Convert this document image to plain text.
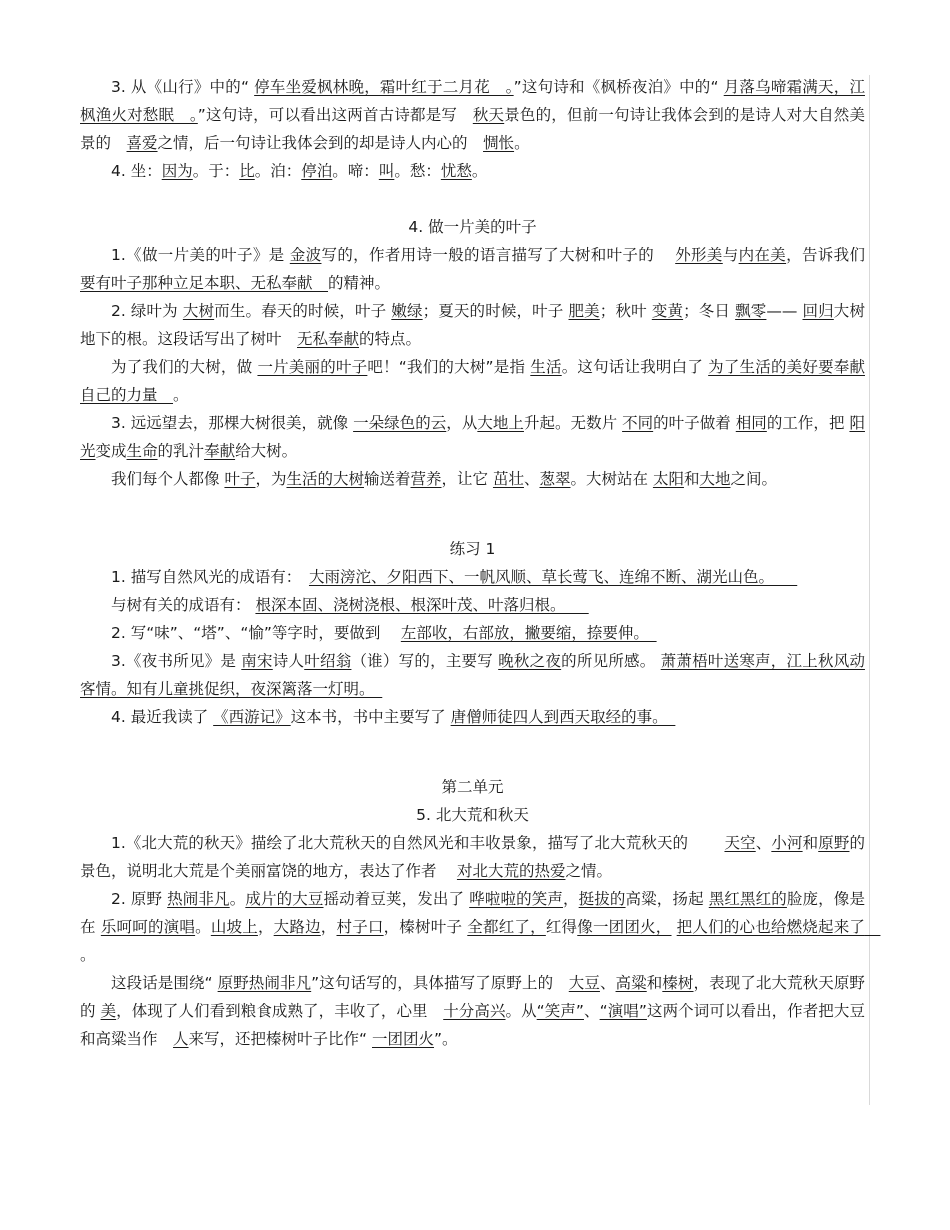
3. 从《山行》中的“ 停车坐爱枫林晚，霜叶红于二月花　。”这句诗和《枫桥夜泊》中的“ 月落乌啼霜满天，江枫渔火对愁眠　。”这句诗，可以看出这两首古诗都是写　秋天景色的，但前一句诗让我体会到的是诗人对大自然美景的　喜爱之情，后一句诗让我体会到的却是诗人内心的　惆怅。

4. 坐：因为。于：比。泊：停泊。啼：叫。愁：忧愁。

4. 做一片美的叶子

1.《做一片美的叶子》是 金波写的，作者用诗一般的语言描写了大树和叶子的　 外形美与内在美，告诉我们 要有叶子那种立足本职、无私奉献　的精神。

2. 绿叶为 大树而生。春天的时候，叶子 嫩绿；夏天的时候，叶子 肥美；秋叶 变黄；冬日 飘零—— 回归大树地下的根。这段话写出了树叶　无私奉献的特点。

为了我们的大树，做 一片美丽的叶子吧！“我们的大树”是指 生活。这句话让我明白了 为了生活的美好要奉献自己的力量　。

3. 远远望去，那棵大树很美，就像 一朵绿色的云，从大地上升起。无数片 不同的叶子做着 相同的工作，把 阳光变成生命的乳汁奉献给大树。

我们每个人都像 叶子，为生活的大树输送着营养，让它 茁壮、葱翠。大树站在 太阳和大地之间。

练习 1

1. 描写自然风光的成语有：　大雨滂沱、夕阳西下、一帆风顺、草长莺飞、连绵不断、湖光山色。　　

与树有关的成语有： 根深本固、浇树浇根、根深叶茂、叶落归根。　　

2. 写“味”、“塔”、“愉”等字时，要做到　 左部收，右部放，撇要缩，捺要伸。　

3.《夜书所见》是 南宋诗人叶绍翁（谁）写的，主要写 晚秋之夜的所见所感。 萧萧梧叶送寒声，江上秋风动客情。知有儿童挑促织，夜深篱落一灯明。　

4. 最近我读了 《西游记》这本书，书中主要写了 唐僧师徒四人到西天取经的事。　

第二单元

5. 北大荒和秋天

1.《北大荒的秋天》描绘了北大荒秋天的自然风光和丰收景象，描写了北大荒秋天的　　 天空、小河和原野的景色，说明北大荒是个美丽富饶的地方，表达了作者　 对北大荒的热爱之情。

2. 原野 热闹非凡。成片的大豆摇动着豆荚，发出了 哗啦啦的笑声，挺拔的高粱，扬起 黑红黑红的脸庞，像是在 乐呵呵的演唱。山坡上，大路边，村子口，榛树叶子 全都红了，红得像一团团火， 把人们的心也给燃烧起来了　。

这段话是围绕“ 原野热闹非凡”这句话写的，具体描写了原野上的　大豆、高粱和榛树，表现了北大荒秋天原野的 美，体现了人们看到粮食成熟了，丰收了，心里　十分高兴。从“笑声”、“演唱”这两个词可以看出，作者把大豆和高粱当作　人来写，还把榛树叶子比作“ 一团团火”。
